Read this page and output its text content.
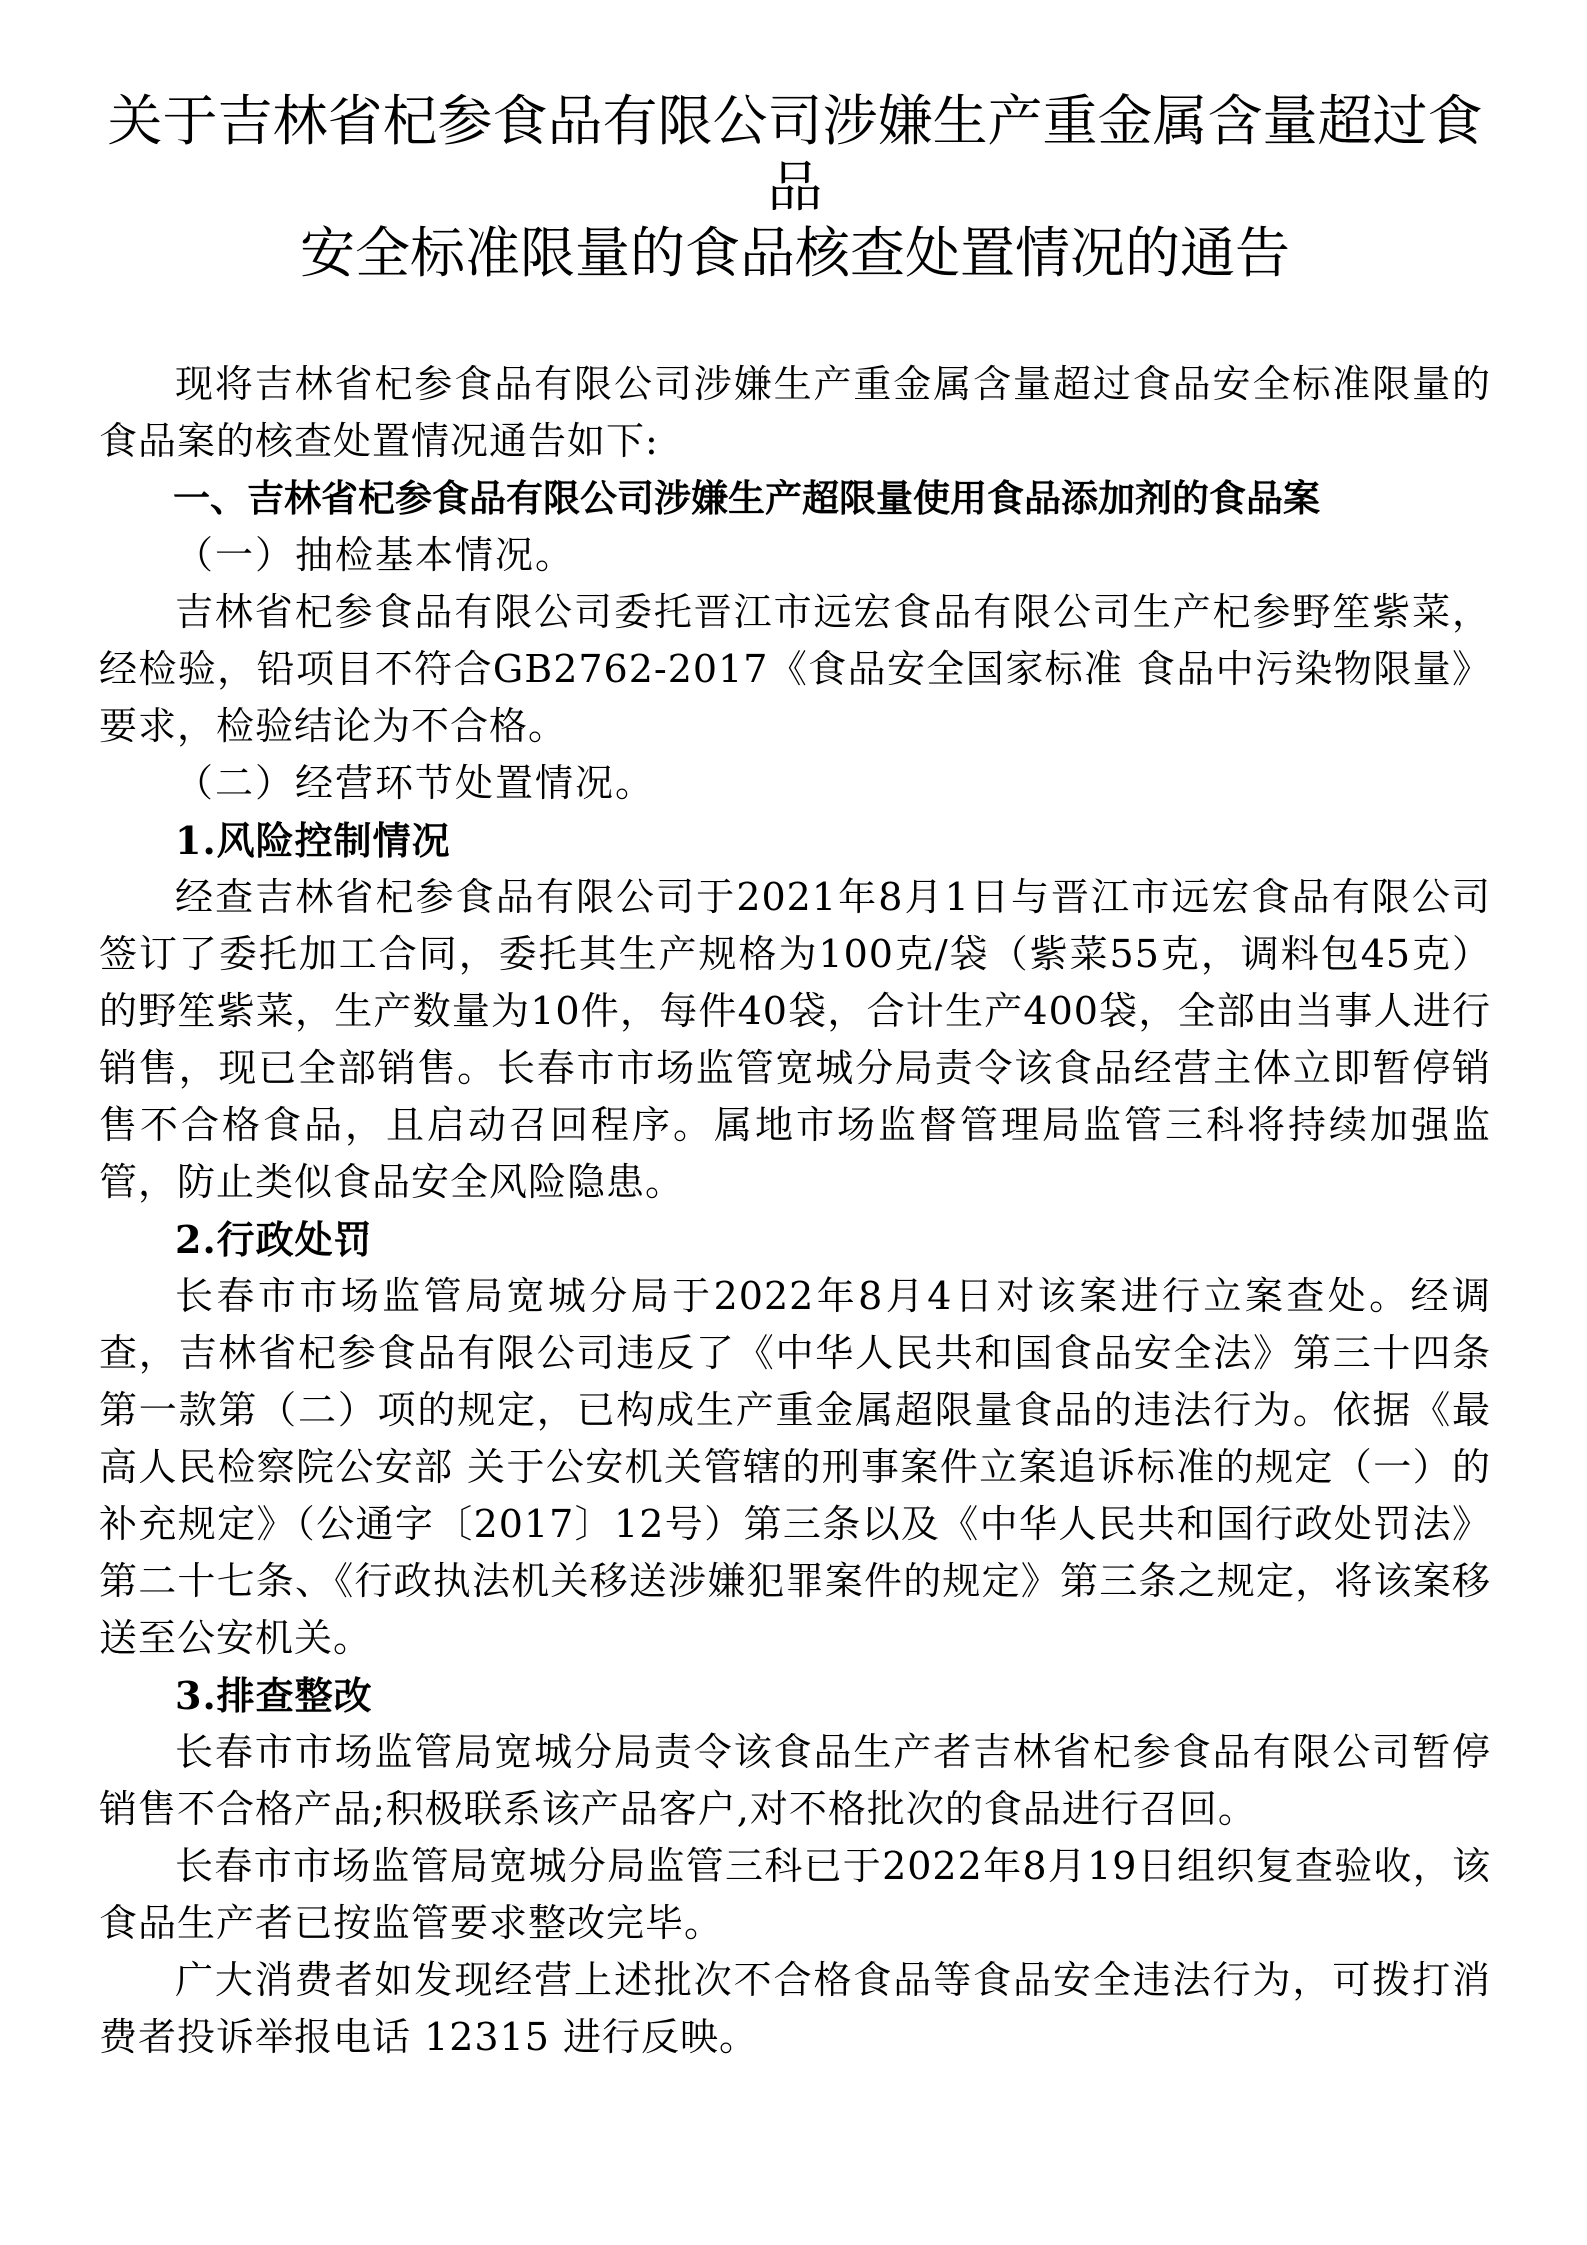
关于吉林省杞参食品有限公司涉嫌生产重金属含量超过食品
安全标准限量的食品核查处置情况的通告

现将吉林省杞参食品有限公司涉嫌生产重金属含量超过食品安全标准限量的食品案的核查处置情况通告如下:

一、吉林省杞参食品有限公司涉嫌生产超限量使用食品添加剂的食品案

（一）抽检基本情况。

吉林省杞参食品有限公司委托晋江市远宏食品有限公司生产杞参野笙紫菜，经检验，铅项目不符合GB2762-2017《食品安全国家标准 食品中污染物限量》要求，检验结论为不合格。

（二）经营环节处置情况。

1.风险控制情况

经查吉林省杞参食品有限公司于2021年8月1日与晋江市远宏食品有限公司签订了委托加工合同，委托其生产规格为100克/袋（紫菜55克，调料包45克）的野笙紫菜，生产数量为10件，每件40袋，合计生产400袋，全部由当事人进行销售，现已全部销售。长春市市场监管宽城分局责令该食品经营主体立即暂停销售不合格食品，且启动召回程序。属地市场监督管理局监管三科将持续加强监管，防止类似食品安全风险隐患。

2.行政处罚

长春市市场监管局宽城分局于2022年8月4日对该案进行立案查处。经调查，吉林省杞参食品有限公司违反了《中华人民共和国食品安全法》第三十四条第一款第（二）项的规定，已构成生产重金属超限量食品的违法行为。依据《最高人民检察院公安部 关于公安机关管辖的刑事案件立案追诉标准的规定（一）的补充规定》（公通字〔2017〕12号）第三条以及《中华人民共和国行政处罚法》第二十七条、《行政执法机关移送涉嫌犯罪案件的规定》第三条之规定，将该案移送至公安机关。

3.排查整改

长春市市场监管局宽城分局责令该食品生产者吉林省杞参食品有限公司暂停销售不合格产品;积极联系该产品客户,对不格批次的食品进行召回。

长春市市场监管局宽城分局监管三科已于2022年8月19日组织复查验收，该食品生产者已按监管要求整改完毕。

广大消费者如发现经营上述批次不合格食品等食品安全违法行为，可拨打消费者投诉举报电话 12315 进行反映。
